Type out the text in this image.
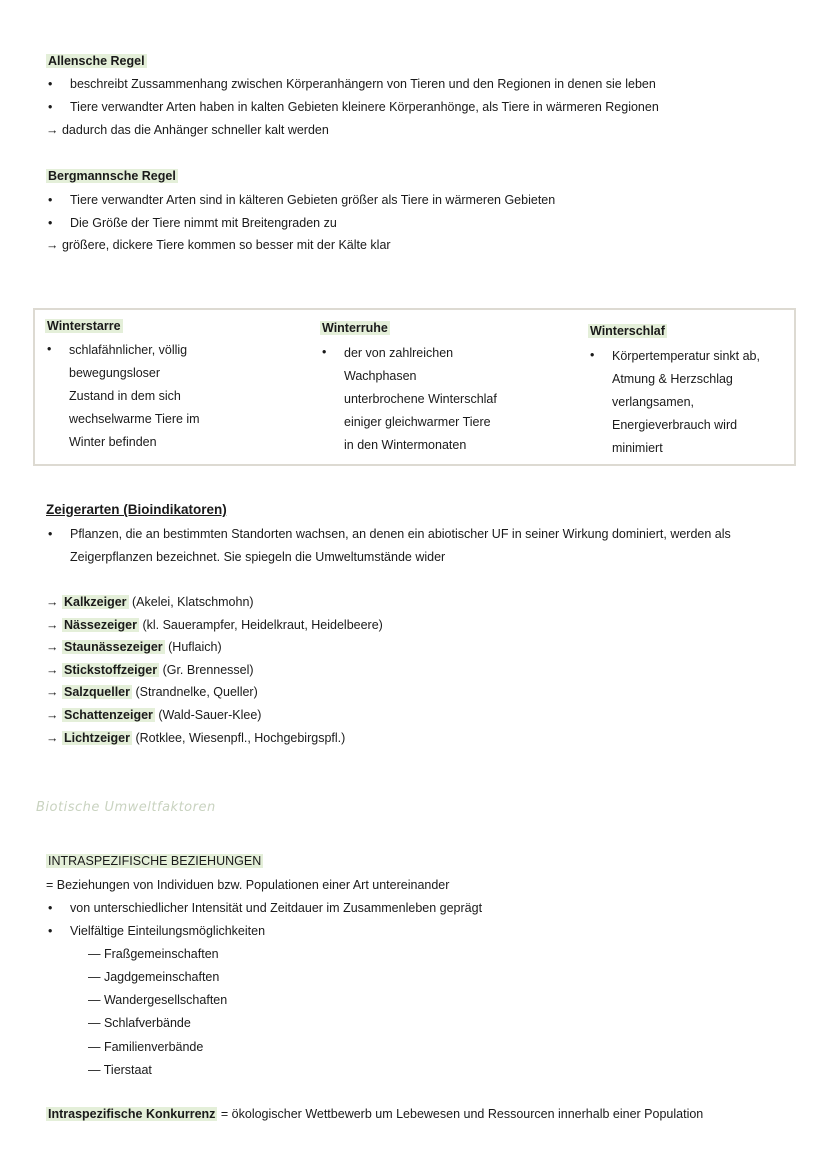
Allensche Regel
• beschreibt Zussammenhang zwischen Körperanhängern von Tieren und den Regionen in denen sie leben
• Tiere verwandter Arten haben in kalten Gebieten kleinere Körperanhönge, als Tiere in wärmeren Regionen
→ dadurch das die Anhänger schneller kalt werden
Bergmannsche Regel
• Tiere verwandter Arten sind in kälteren Gebieten größer als Tiere in wärmeren Gebieten
• Die Größe der Tiere nimmt mit Breitengraden zu
→ größere, dickere Tiere kommen so besser mit der Kälte klar
Winterstarre
• schlafähnlicher, völlig
bewegungsloser
Zustand in dem sich
wechselwarme Tiere im
Winter befinden
Winterruhe
• der von zahlreichen
Wachphasen
unterbrochene Winterschlaf
einiger gleichwarmer Tiere
in den Wintermonaten
Winterschlaf
• Körpertemperatur sinkt ab,
Atmung & Herzschlag
verlangsamen,
Energieverbrauch wird
minimiert
Zeigerarten (Bioindikatoren)
• Pflanzen, die an bestimmten Standorten wachsen, an denen ein abiotischer UF in seiner Wirkung dominiert, werden als
Zeigerpflanzen bezeichnet. Sie spiegeln die Umweltumstände wider
→ Kalkzeiger (Akelei, Klatschmohn)
→ Nässezeiger (kl. Sauerampfer, Heidelkraut, Heidelbeere)
→ Staunässezeiger (Huflaich)
→ Stickstoffzeiger (Gr. Brennessel)
→ Salzqueller (Strandnelke, Queller)
→ Schattenzeiger (Wald-Sauer-Klee)
→ Lichtzeiger (Rotklee, Wiesenpfl., Hochgebirgspfl.)
Biotische Umweltfaktoren
INTRASPEZIFISCHE BEZIEHUNGEN
= Beziehungen von Individuen bzw. Populationen einer Art untereinander
• von unterschiedlicher Intensität und Zeitdauer im Zusammenleben geprägt
• Vielfältige Einteilungsmöglichkeiten
— Fraßgemeinschaften
— Jagdgemeinschaften
— Wandergesellschaften
— Schlafverbände
— Familienverbände
— Tierstaat
Intraspezifische Konkurrenz = ökologischer Wettbewerb um Lebewesen und Ressourcen innerhalb einer Population
